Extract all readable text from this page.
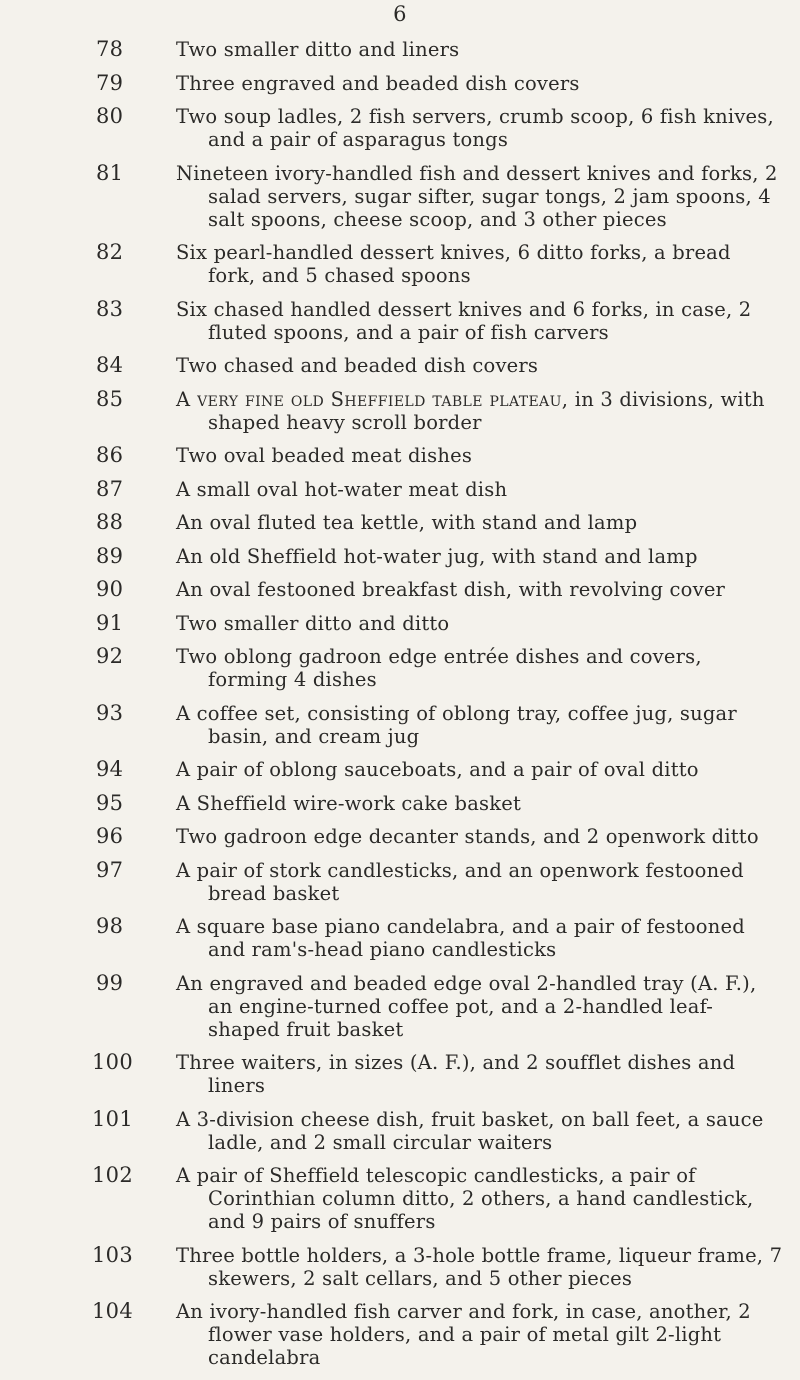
6
78	Two smaller ditto and liners
79	Three engraved and beaded dish covers
80	Two soup ladles, 2 fish servers, crumb scoop, 6 fish knives, and a pair of asparagus tongs
81	Nineteen ivory-handled fish and dessert knives and forks, 2 salad servers, sugar sifter, sugar tongs, 2 jam spoons, 4 salt spoons, cheese scoop, and 3 other pieces
82	Six pearl-handled dessert knives, 6 ditto forks, a bread fork, and 5 chased spoons
83	Six chased handled dessert knives and 6 forks, in case, 2 fluted spoons, and a pair of fish carvers
84	Two chased and beaded dish covers
85	A very fine old Sheffield table plateau, in 3 divisions, with shaped heavy scroll border
86	Two oval beaded meat dishes
87	A small oval hot-water meat dish
88	An oval fluted tea kettle, with stand and lamp
89	An old Sheffield hot-water jug, with stand and lamp
90	An oval festooned breakfast dish, with revolving cover
91	Two smaller ditto and ditto
92	Two oblong gadroon edge entrée dishes and covers, forming 4 dishes
93	A coffee set, consisting of oblong tray, coffee jug, sugar basin, and cream jug
94	A pair of oblong sauceboats, and a pair of oval ditto
95	A Sheffield wire-work cake basket
96	Two gadroon edge decanter stands, and 2 openwork ditto
97	A pair of stork candlesticks, and an openwork festooned bread basket
98	A square base piano candelabra, and a pair of festooned and ram's-head piano candlesticks
99	An engraved and beaded edge oval 2-handled tray (A. F.), an engine-turned coffee pot, and a 2-handled leaf-shaped fruit basket
100	Three waiters, in sizes (A. F.), and 2 soufflet dishes and liners
101	A 3-division cheese dish, fruit basket, on ball feet, a sauce ladle, and 2 small circular waiters
102	A pair of Sheffield telescopic candlesticks, a pair of Corinthian column ditto, 2 others, a hand candlestick, and 9 pairs of snuffers
103	Three bottle holders, a 3-hole bottle frame, liqueur frame, 7 skewers, 2 salt cellars, and 5 other pieces
104	An ivory-handled fish carver and fork, in case, another, 2 flower vase holders, and a pair of metal gilt 2-light candelabra
